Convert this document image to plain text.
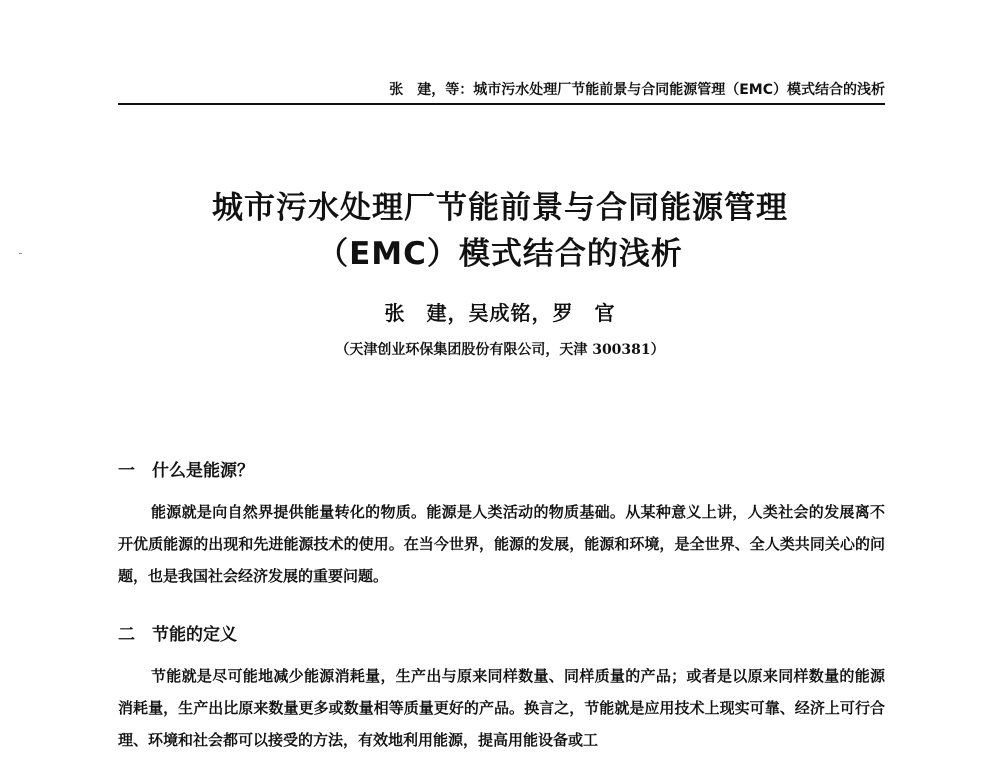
张　建，等：城市污水处理厂节能前景与合同能源管理（EMC）模式结合的浅析
城市污水处理厂节能前景与合同能源管理
（EMC）模式结合的浅析
张　建，吴成铭，罗　官
（天津创业环保集团股份有限公司，天津 300381）
一 什么是能源？

能源就是向自然界提供能量转化的物质。能源是人类活动的物质基础。从某种意义上讲，人类社会的发展离不开优质能源的出现和先进能源技术的使用。在当今世界，能源的发展，能源和环境，是全世界、全人类共同关心的问题，也是我国社会经济发展的重要问题。

二 节能的定义

节能就是尽可能地减少能源消耗量，生产出与原来同样数量、同样质量的产品；或者是以原来同样数量的能源消耗量，生产出比原来数量更多或数量相等质量更好的产品。换言之，节能就是应用技术上现实可靠、经济上可行合理、环境和社会都可以接受的方法，有效地利用能源，提高用能设备或工
